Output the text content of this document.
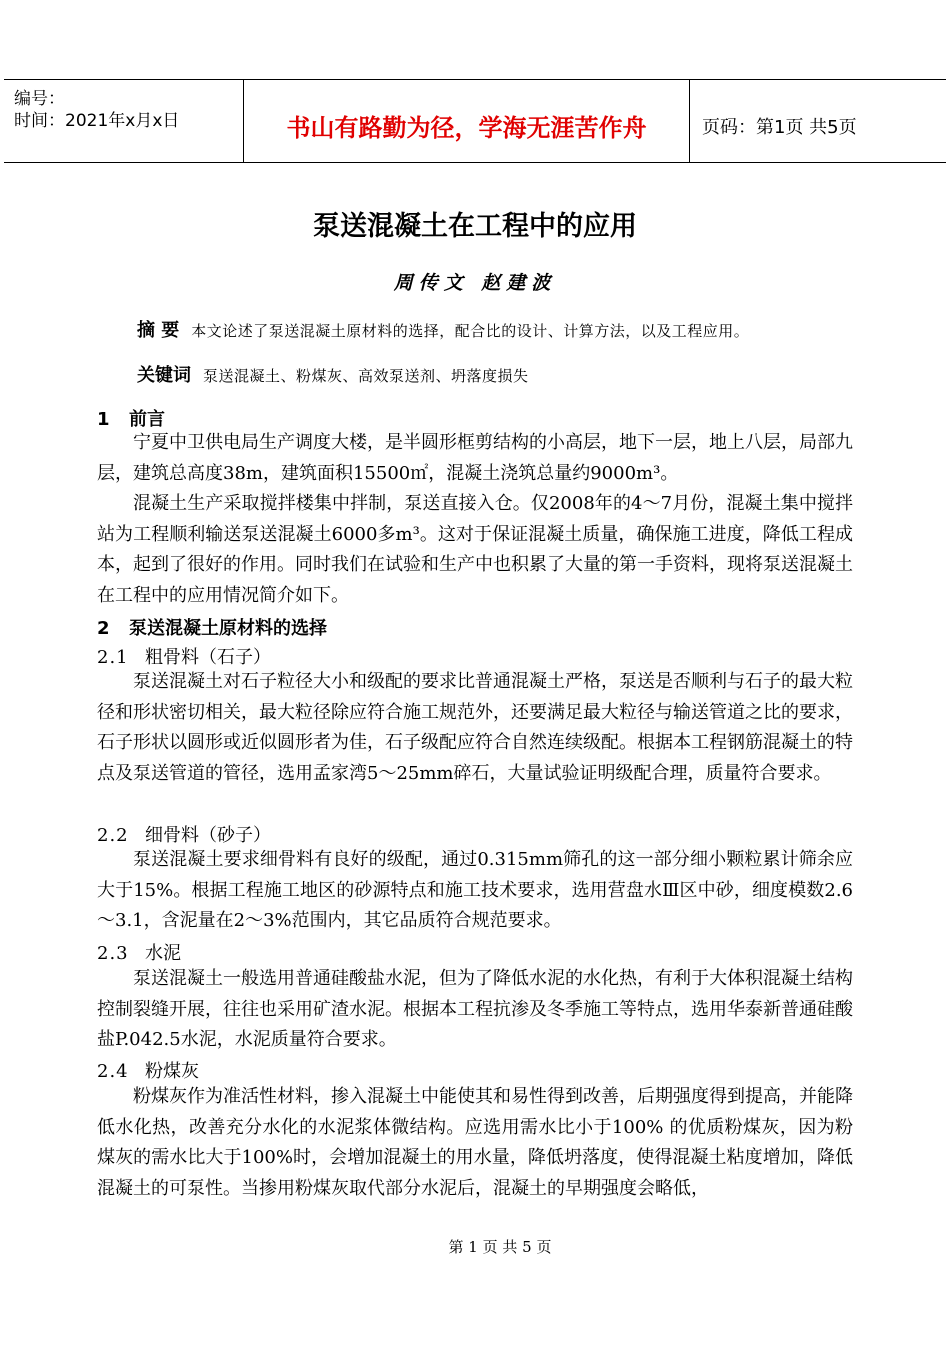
编号：
时间：2021年x月x日	书山有路勤为径，学海无涯苦作舟	页码：第1页 共5页
泵送混凝土在工程中的应用
周传文 赵建波
摘 要 本文论述了泵送混凝土原材料的选择，配合比的设计、计算方法，以及工程应用。
关键词 泵送混凝土、粉煤灰、高效泵送剂、坍落度损失
1 前言

宁夏中卫供电局生产调度大楼，是半圆形框剪结构的小高层，地下一层，地上八层，局部九层，建筑总高度38m，建筑面积15500㎡，混凝土浇筑总量约9000m³。

混凝土生产采取搅拌楼集中拌制，泵送直接入仓。仅2008年的4～7月份，混凝土集中搅拌站为工程顺利输送泵送混凝土6000多m³。这对于保证混凝土质量，确保施工进度，降低工程成本，起到了很好的作用。同时我们在试验和生产中也积累了大量的第一手资料，现将泵送混凝土在工程中的应用情况简介如下。

2 泵送混凝土原材料的选择
2.1 粗骨料（石子）

泵送混凝土对石子粒径大小和级配的要求比普通混凝土严格，泵送是否顺利与石子的最大粒径和形状密切相关，最大粒径除应符合施工规范外，还要满足最大粒径与输送管道之比的要求，石子形状以圆形或近似圆形者为佳，石子级配应符合自然连续级配。根据本工程钢筋混凝土的特点及泵送管道的管径，选用孟家湾5～25mm碎石，大量试验证明级配合理，质量符合要求。

2.2 细骨料（砂子）

泵送混凝土要求细骨料有良好的级配，通过0.315mm筛孔的这一部分细小颗粒累计筛余应大于15%。根据工程施工地区的砂源特点和施工技术要求，选用营盘水Ⅲ区中砂，细度模数2.6～3.1，含泥量在2～3%范围内，其它品质符合规范要求。

2.3 水泥

泵送混凝土一般选用普通硅酸盐水泥，但为了降低水泥的水化热，有利于大体积混凝土结构控制裂缝开展，往往也采用矿渣水泥。根据本工程抗渗及冬季施工等特点，选用华泰新普通硅酸盐P.042.5水泥，水泥质量符合要求。

2.4 粉煤灰

粉煤灰作为准活性材料，掺入混凝土中能使其和易性得到改善，后期强度得到提高，并能降低水化热，改善充分水化的水泥浆体微结构。应选用需水比小于100% 的优质粉煤灰，因为粉煤灰的需水比大于100%时，会增加混凝土的用水量，降低坍落度，使得混凝土粘度增加，降低混凝土的可泵性。当掺用粉煤灰取代部分水泥后，混凝土的早期强度会略低，

第 1 页 共 5 页
